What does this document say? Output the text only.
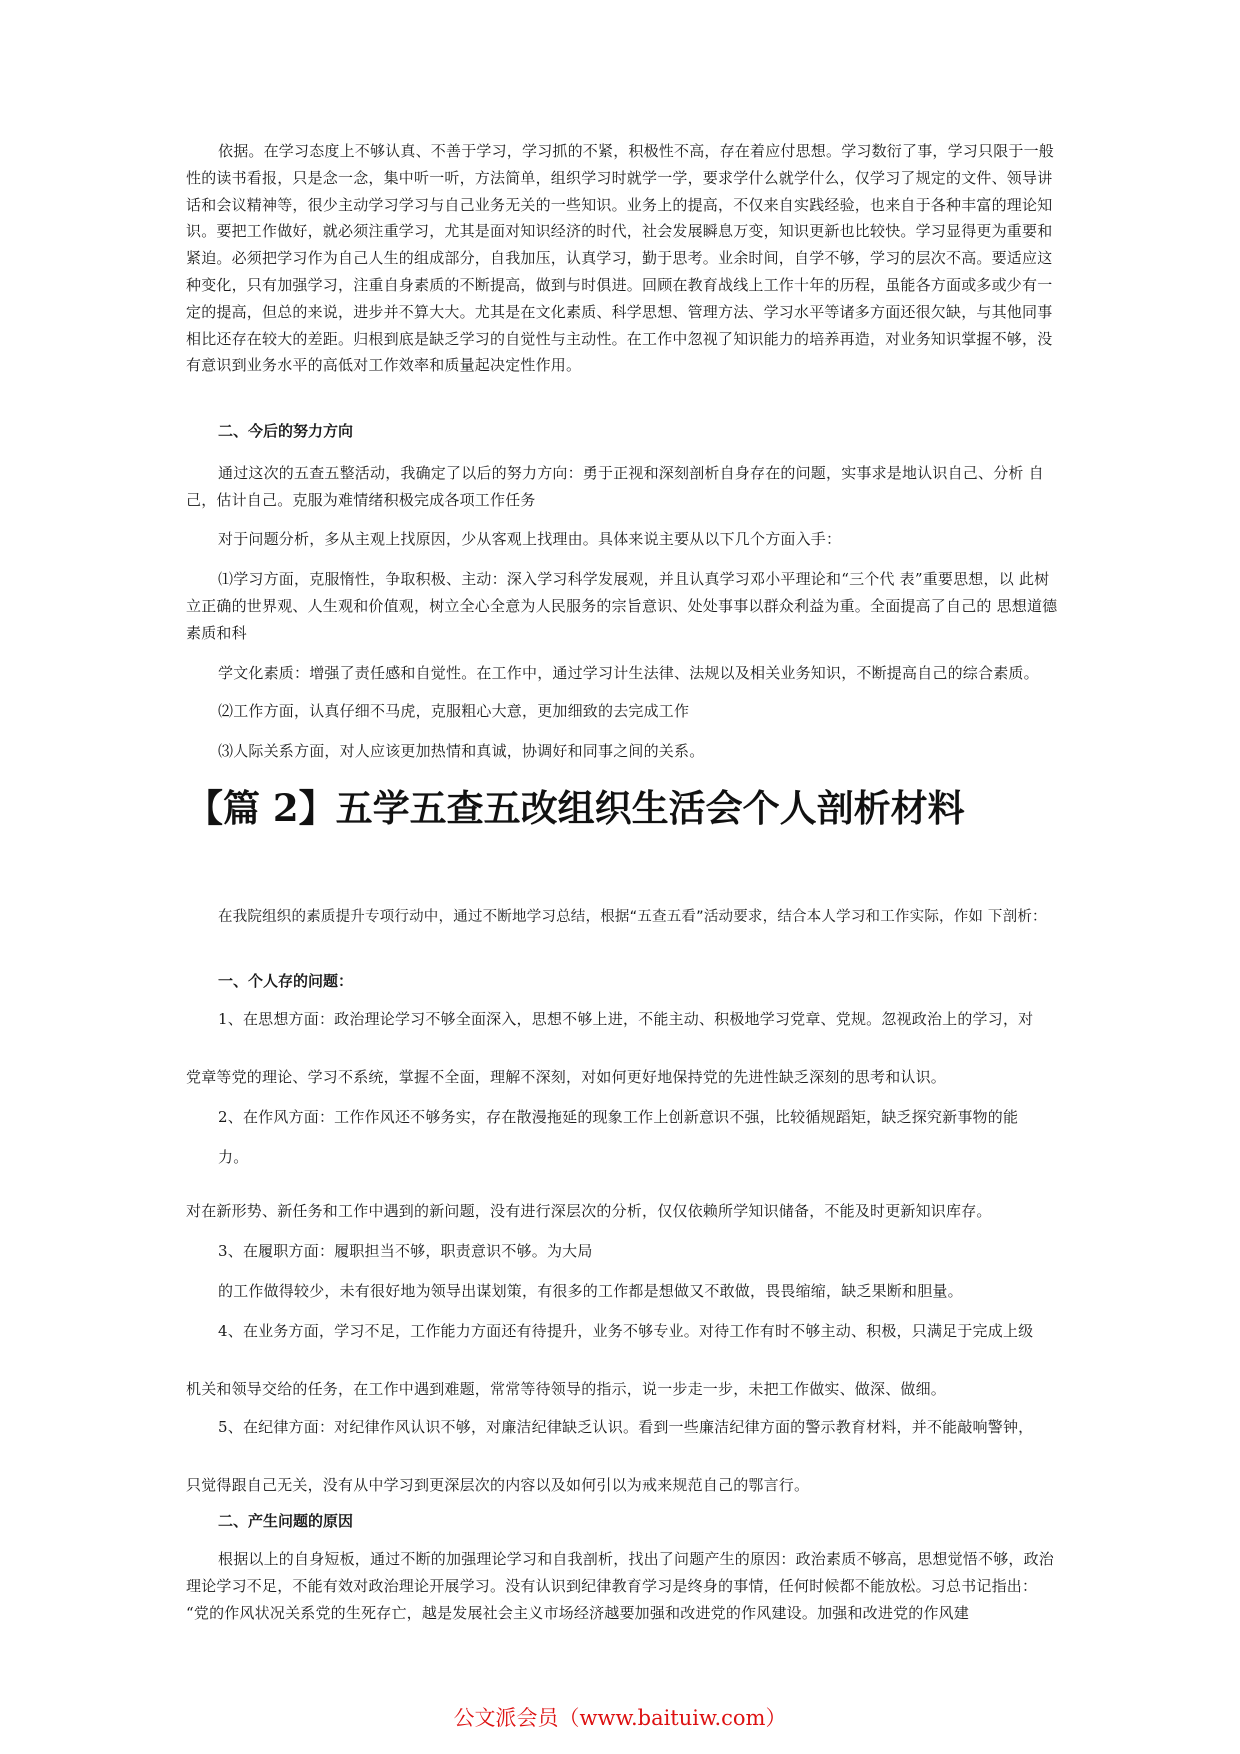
依据。在学习态度上不够认真、不善于学习，学习抓的不紧，积极性不高，存在着应付思想。学习数衍了事，学习只限于一般性的读书看报，只是念一念，集中听一听，方法简单，组织学习时就学一学，要求学什么就学什么，仅学习了规定的文件、领导讲话和会议精神等，很少主动学习学习与自己业务无关的一些知识。业务上的提高，不仅来自实践经验，也来自于各种丰富的理论知识。要把工作做好，就必须注重学习，尤其是面对知识经济的时代，社会发展瞬息万变，知识更新也比较快。学习显得更为重要和紧迫。必须把学习作为自己人生的组成部分，自我加压，认真学习，勤于思考。业余时间，自学不够，学习的层次不高。要适应这种变化，只有加强学习，注重自身素质的不断提高，做到与时俱进。回顾在教育战线上工作十年的历程，虽能各方面或多或少有一定的提高，但总的来说，进步并不算大大。尤其是在文化素质、科学思想、管理方法、学习水平等诸多方面还很欠缺，与其他同事相比还存在较大的差距。归根到底是缺乏学习的自觉性与主动性。在工作中忽视了知识能力的培养再造，对业务知识掌握不够，没有意识到业务水平的高低对工作效率和质量起决定性作用。

二、今后的努力方向

通过这次的五查五整活动，我确定了以后的努力方向：勇于正视和深刻剖析自身存在的问题，实事求是地认识自己、分析 自己，估计自己。克服为难情绪积极完成各项工作任务

对于问题分析，多从主观上找原因，少从客观上找理由。具体来说主要从以下几个方面入手：

⑴学习方面，克服惰性，争取积极、主动：深入学习科学发展观，并且认真学习邓小平理论和“三个代 表”重要思想，以 此树立正确的世界观、人生观和价值观，树立全心全意为人民服务的宗旨意识、处处事事以群众利益为重。全面提高了自己的 思想道德素质和科

学文化素质：增强了责任感和自觉性。在工作中，通过学习计生法律、法规以及相关业务知识，不断提高自己的综合素质。

⑵工作方面，认真仔细不马虎，克服粗心大意，更加细致的去完成工作

⑶人际关系方面，对人应该更加热情和真诚，协调好和同事之间的关系。

【篇 2】五学五查五改组织生活会个人剖析材料

在我院组织的素质提升专项行动中，通过不断地学习总结，根据“五查五看”活动要求，结合本人学习和工作实际，作如 下剖析：

一、个人存的问题：

1、在思想方面：政治理论学习不够全面深入，思想不够上进，不能主动、积极地学习党章、党规。忽视政治上的学习，对

党章等党的理论、学习不系统，掌握不全面，理解不深刻，对如何更好地保持党的先进性缺乏深刻的思考和认识。

2、在作风方面：工作作风还不够务实，存在散漫拖延的现象工作上创新意识不强，比较循规蹈矩，缺乏探究新事物的能

力。

对在新形势、新任务和工作中遇到的新问题，没有进行深层次的分析，仅仅依赖所学知识储备，不能及时更新知识库存。

3、在履职方面：履职担当不够，职责意识不够。为大局

的工作做得较少，未有很好地为领导出谋划策，有很多的工作都是想做又不敢做，畏畏缩缩，缺乏果断和胆量。

4、在业务方面，学习不足，工作能力方面还有待提升，业务不够专业。对待工作有时不够主动、积极，只满足于完成上级

机关和领导交给的任务，在工作中遇到难题，常常等待领导的指示，说一步走一步，未把工作做实、做深、做细。

5、在纪律方面：对纪律作风认识不够，对廉洁纪律缺乏认识。看到一些廉洁纪律方面的警示教育材料，并不能敲响警钟，

只觉得跟自己无关，没有从中学习到更深层次的内容以及如何引以为戒来规范自己的鄂言行。

二、产生问题的原因

根据以上的自身短板，通过不断的加强理论学习和自我剖析，找出了问题产生的原因：政治素质不够高，思想觉悟不够，政治理论学习不足，不能有效对政治理论开展学习。没有认识到纪律教育学习是终身的事情，任何时候都不能放松。习总书记指出： “党的作风状况关系党的生死存亡，越是发展社会主义市场经济越要加强和改进党的作风建设。加强和改进党的作风建

公文派会员（www.baituiw.com）
